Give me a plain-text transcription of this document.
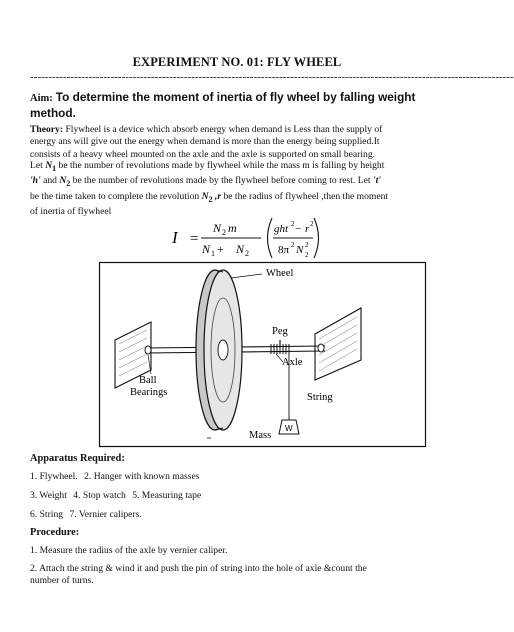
EXPERIMENT NO. 01: FLY WHEEL
------------------------------------------------------------------------------------------------------------------------------------
Aim: To determine the moment of inertia of fly wheel by falling weight method.
Theory: Flywheel is a device which absorb energy when demand is Less than the supply of
energy ans will give out the energy when demand is more than the energy being supplied.It
consists of a heavy wheel mounted on the axle and the axle is supported on small bearing.
Let $N_1$ be the number of revolutions made by flywheel while the mass m is falling by height
'h' and $N_2$ be the number of revolutions made by the flywheel before coming to rest. Let 't'
be the time taken to complete the revolution $N_2$ ,r be the radius of flywheel ,then the moment
of inertia of flywheel
I =
N 2 m
N 1 + N 2
ght 2 − r 2
8π 2 N 2
2
W
Wheel
Peg
Axle
String
Mass
Ball
Bearings
Apparatus Required:
1. Flywheel. 2. Hanger with known masses
3. Weight 4. Stop watch 5. Measuring tape
6. String 7. Vernier calipers.
Procedure:
1. Measure the radius of the axle by vernier caliper.
2. Attach the string & wind it and push the pin of string into the hole of axle &count the
number of turns.
